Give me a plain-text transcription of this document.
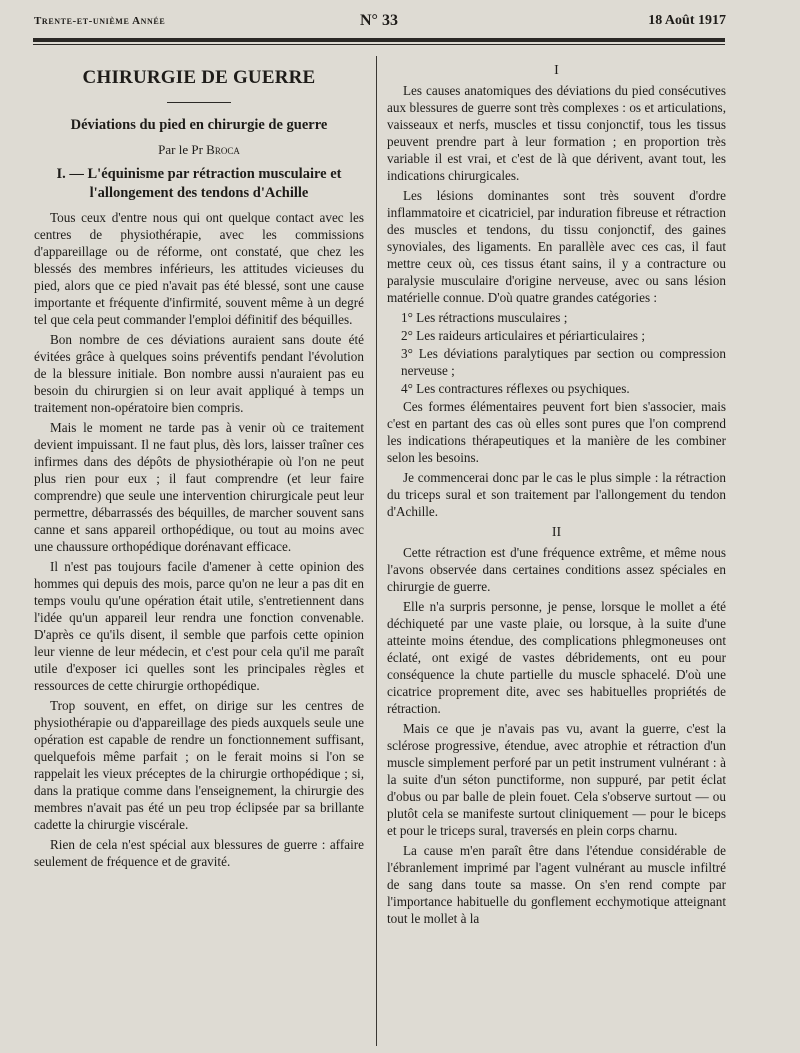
Trente-et-unième Année	N° 33	18 Août 1917
CHIRURGIE DE GUERRE
Déviations du pied en chirurgie de guerre
Par le Pr Broca
I. — L'équinisme par rétraction musculaire et l'allongement des tendons d'Achille

Tous ceux d'entre nous qui ont quelque contact avec les centres de physiothérapie, avec les commissions d'appareillage ou de réforme, ont constaté, que chez les blessés des membres inférieurs, les attitudes vicieuses du pied, alors que ce pied n'avait pas été blessé, sont une cause importante et fréquente d'infirmité, souvent même à un degré tel que cela peut commander l'emploi définitif des béquilles.

Bon nombre de ces déviations auraient sans doute été évitées grâce à quelques soins préventifs pendant l'évolution de la blessure initiale. Bon nombre aussi n'auraient pas eu besoin du chirurgien si on leur avait appliqué à temps un traitement non-opératoire bien compris.

Mais le moment ne tarde pas à venir où ce traitement devient impuissant. Il ne faut plus, dès lors, laisser traîner ces infirmes dans des dépôts de physiothérapie où l'on ne peut plus rien pour eux ; il faut comprendre (et leur faire comprendre) que seule une intervention chirurgicale peut leur permettre, débarrassés des béquilles, de marcher souvent sans canne et sans appareil orthopédique, ou tout au moins avec une chaussure orthopédique dorénavant efficace.

Il n'est pas toujours facile d'amener à cette opinion des hommes qui depuis des mois, parce qu'on ne leur a pas dit en temps voulu qu'une opération était utile, s'entretiennent dans l'idée qu'un appareil leur rendra une fonction convenable. D'après ce qu'ils disent, il semble que parfois cette opinion leur vienne de leur médecin, et c'est pour cela qu'il me paraît utile d'exposer ici quelles sont les principales règles et ressources de cette chirurgie orthopédique.

Trop souvent, en effet, on dirige sur les centres de physiothérapie ou d'appareillage des pieds auxquels seule une opération est capable de rendre un fonctionnement suffisant, quelquefois même parfait ; on le ferait moins si l'on se rappelait les vieux préceptes de la chirurgie orthopédique ; si, dans la pratique comme dans l'enseignement, la chirurgie des membres n'avait pas été un peu trop éclipsée par sa brillante cadette la chirurgie viscérale.

Rien de cela n'est spécial aux blessures de guerre : affaire seulement de fréquence et de gravité.

I

Les causes anatomiques des déviations du pied consécutives aux blessures de guerre sont très complexes : os et articulations, vaisseaux et nerfs, muscles et tissu conjonctif, tous les tissus peuvent prendre part à leur formation ; en proportion très variable il est vrai, et c'est de là que dérivent, avant tout, les indications chirurgicales.

Les lésions dominantes sont très souvent d'ordre inflammatoire et cicatriciel, par induration fibreuse et rétraction des muscles et tendons, du tissu conjonctif, des gaines synoviales, des ligaments. En parallèle avec ces cas, il faut mettre ceux où, ces tissus étant sains, il y a contracture ou paralysie musculaire d'origine nerveuse, avec ou sans lésion matérielle connue. D'où quatre grandes catégories :

1° Les rétractions musculaires ;

2° Les raideurs articulaires et périarticulaires ;

3° Les déviations paralytiques par section ou compression nerveuse ;

4° Les contractures réflexes ou psychiques.

Ces formes élémentaires peuvent fort bien s'associer, mais c'est en partant des cas où elles sont pures que l'on comprend les indications thérapeutiques et la manière de les combiner selon les besoins.

Je commencerai donc par le cas le plus simple : la rétraction du triceps sural et son traitement par l'allongement du tendon d'Achille.

II

Cette rétraction est d'une fréquence extrême, et même nous l'avons observée dans certaines conditions assez spéciales en chirurgie de guerre.

Elle n'a surpris personne, je pense, lorsque le mollet a été déchiqueté par une vaste plaie, ou lorsque, à la suite d'une atteinte moins étendue, des complications phlegmoneuses ont éclaté, ont exigé de vastes débridements, ont eu pour conséquence la chute partielle du muscle sphacelé. D'où une cicatrice proprement dite, avec ses habituelles propriétés de rétraction.

Mais ce que je n'avais pas vu, avant la guerre, c'est la sclérose progressive, étendue, avec atrophie et rétraction d'un muscle simplement perforé par un petit instrument vulnérant : à la suite d'un séton punctiforme, non suppuré, par petit éclat d'obus ou par balle de plein fouet. Cela s'observe surtout — ou plutôt cela se manifeste surtout cliniquement — pour le biceps et pour le triceps sural, traversés en plein corps charnu.

La cause m'en paraît être dans l'étendue considérable de l'ébranlement imprimé par l'agent vulnérant au muscle infiltré de sang dans toute sa masse. On s'en rend compte par l'importance habituelle du gonflement ecchymotique atteignant tout le mollet à la
